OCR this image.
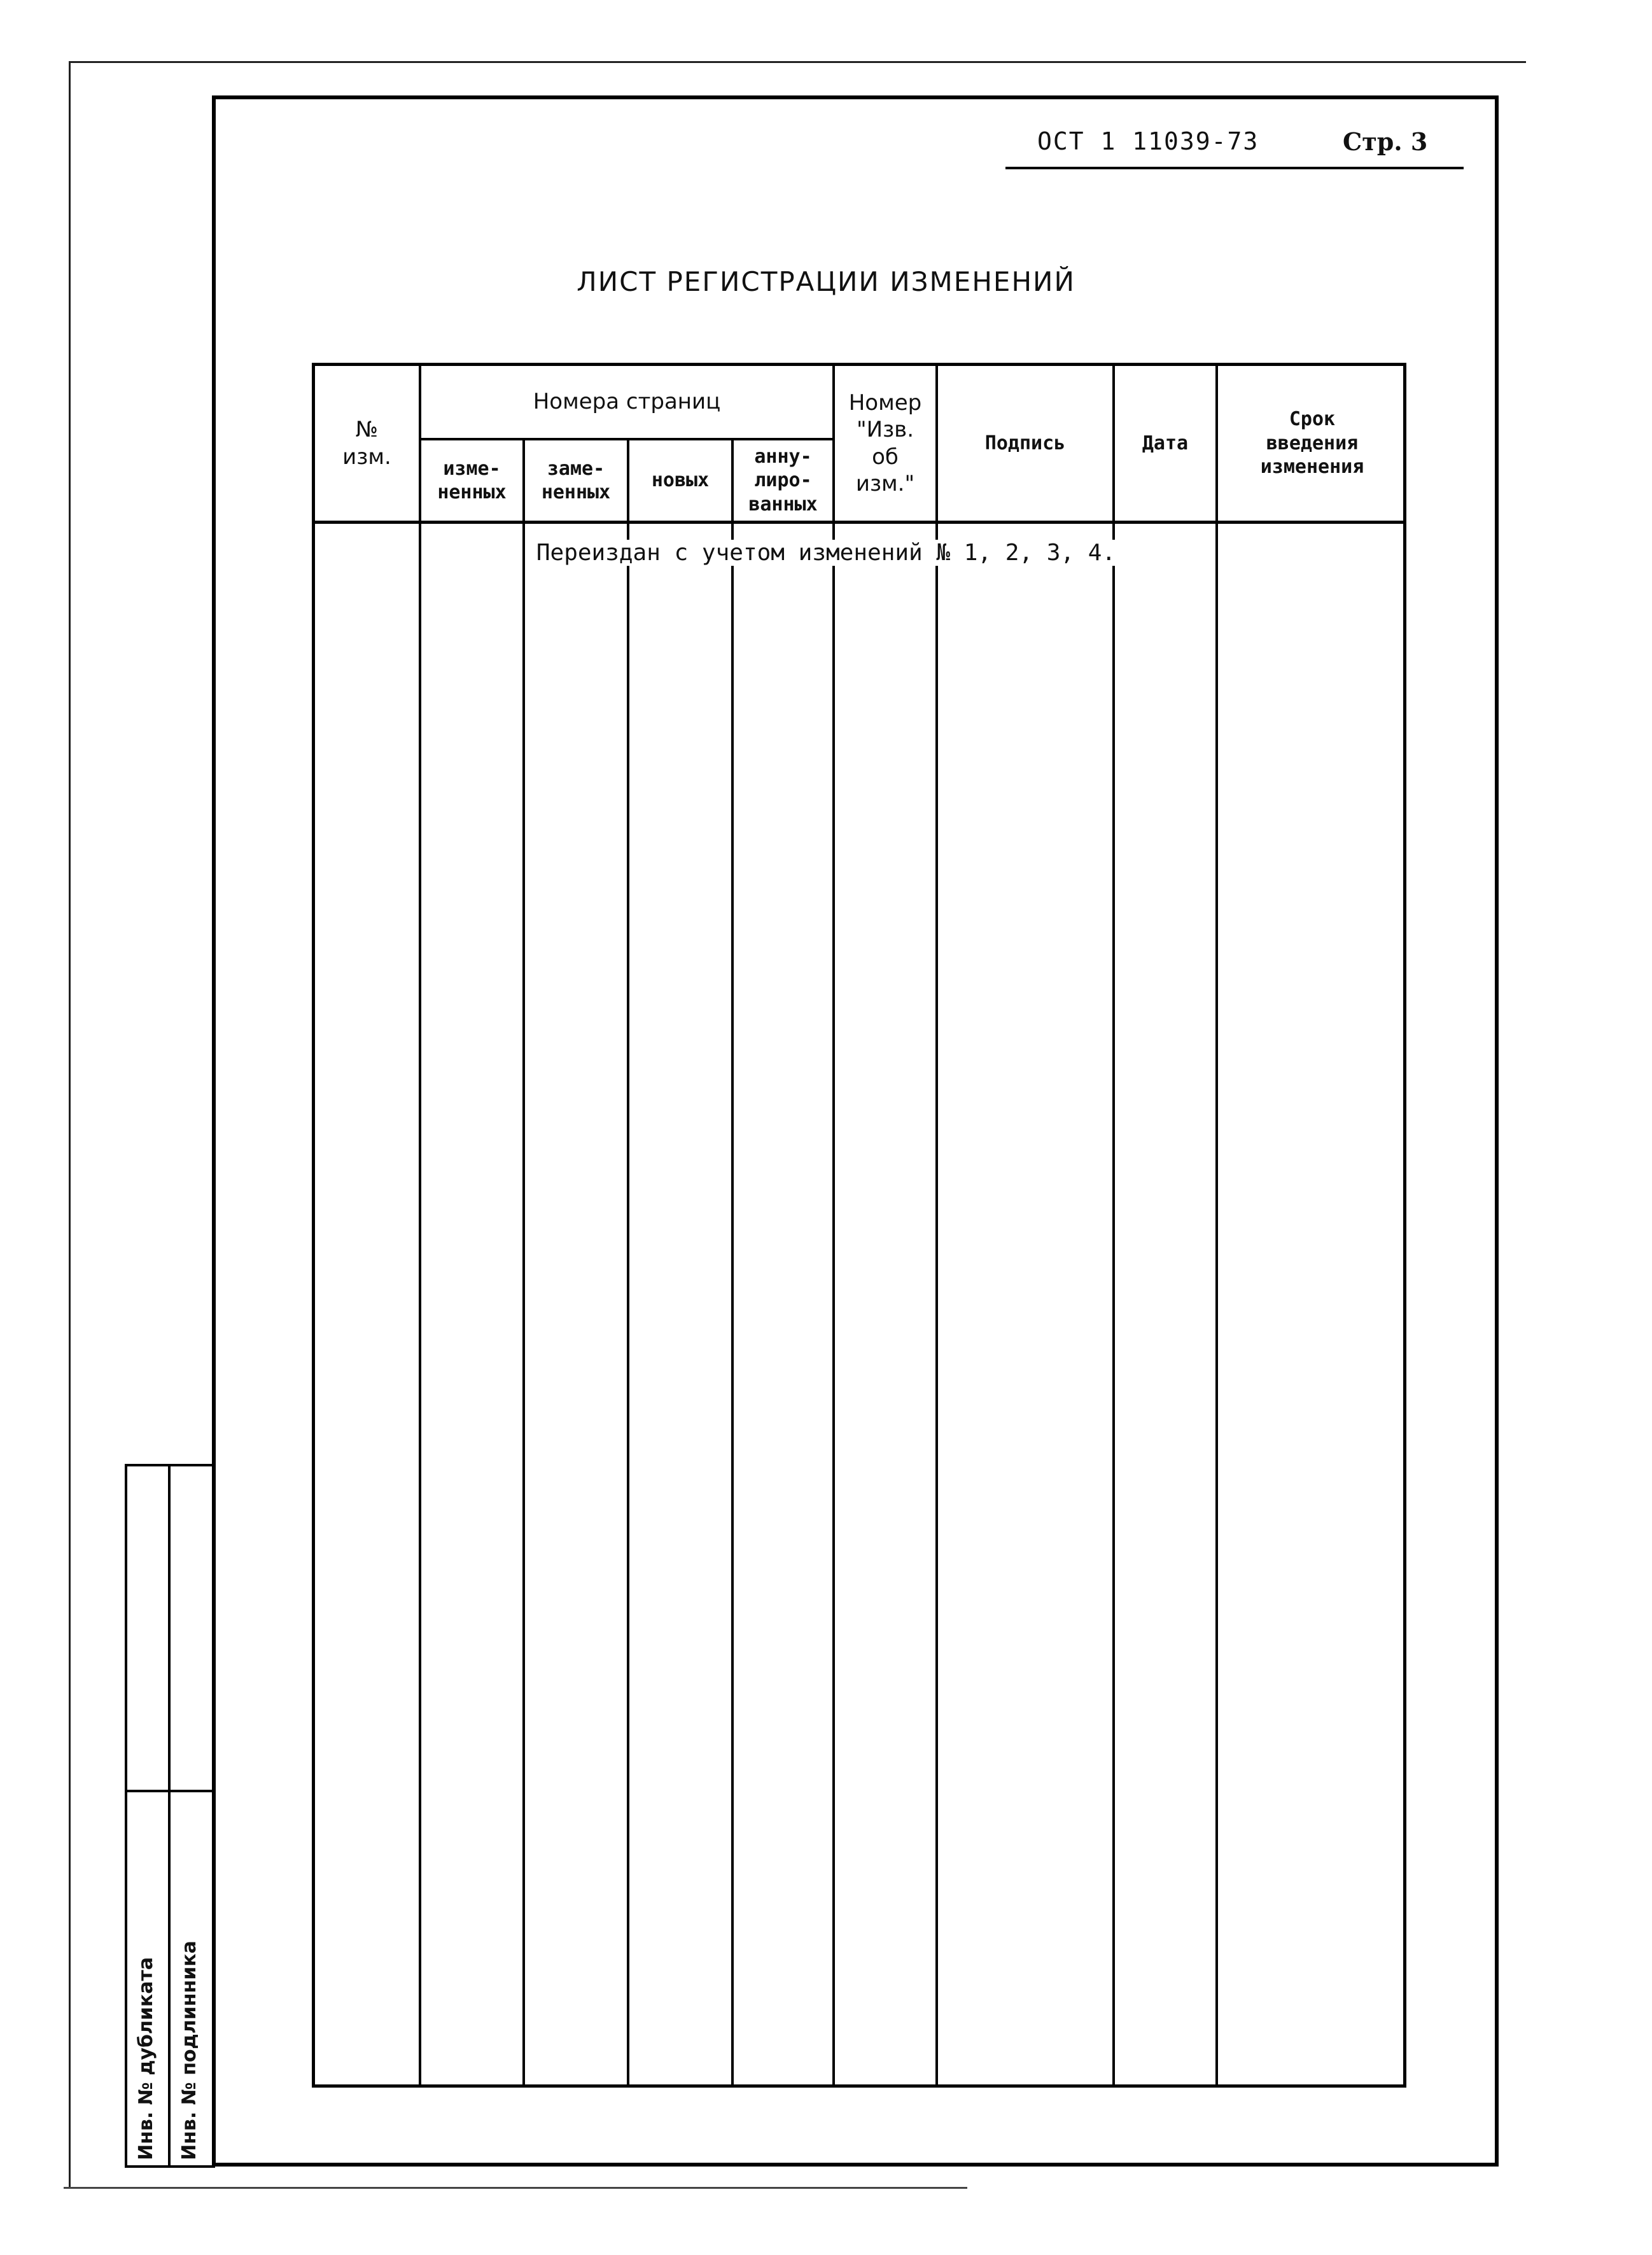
ОСТ 1 11039-73	Стр. 3
ЛИСТ РЕГИСТРАЦИИ ИЗМЕНЕНИЙ
№
изм.
Номера страниц
изме-
ненных
заме-
ненных
новых
анну-
лиро-
ванных
Номер
"Изв.
об
изм."
Подпись	Дата
Срок
введения
изменения
Переиздан с учетом изменений № 1, 2, 3, 4.
Инв. № дубликата Инв. № подлинника
